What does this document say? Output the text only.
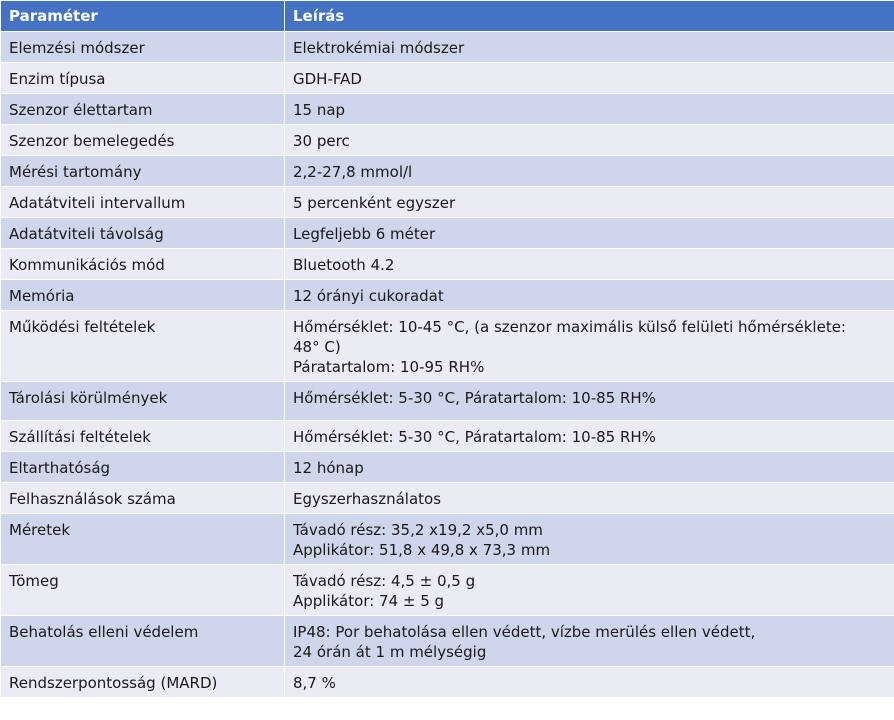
Paraméter	Leírás
Elemzési módszer	Elektrokémiai módszer

Enzim típusa	GDH-FAD

Szenzor élettartam	15 nap

Szenzor bemelegedés	30 perc

Mérési tartomány	2,2-27,8 mmol/l

Adatátviteli intervallum	5 percenként egyszer

Adatátviteli távolság	Legfeljebb 6 méter

Kommunikációs mód	Bluetooth 4.2

Memória	12 órányi cukoradat

Működési feltételek	Hőmérséklet: 10-45 °C, (a szenzor maximális külső felületi hőmérséklete:
48° C)
Páratartalom: 10-95 RH%

Tárolási körülmények	Hőmérséklet: 5-30 °C, Páratartalom: 10-85 RH%

Szállítási feltételek	Hőmérséklet: 5-30 °C, Páratartalom: 10-85 RH%

Eltarthatóság	12 hónap

Felhasználások száma	Egyszerhasználatos

Méretek	Távadó rész: 35,2 x19,2 x5,0 mm
Applikátor: 51,8 x 49,8 x 73,3 mm

Tömeg	Távadó rész: 4,5 ± 0,5 g
Applikátor: 74 ± 5 g

Behatolás elleni védelem	IP48: Por behatolása ellen védett, vízbe merülés ellen védett,
24 órán át 1 m mélységig

Rendszerpontosság (MARD)	8,7 %
